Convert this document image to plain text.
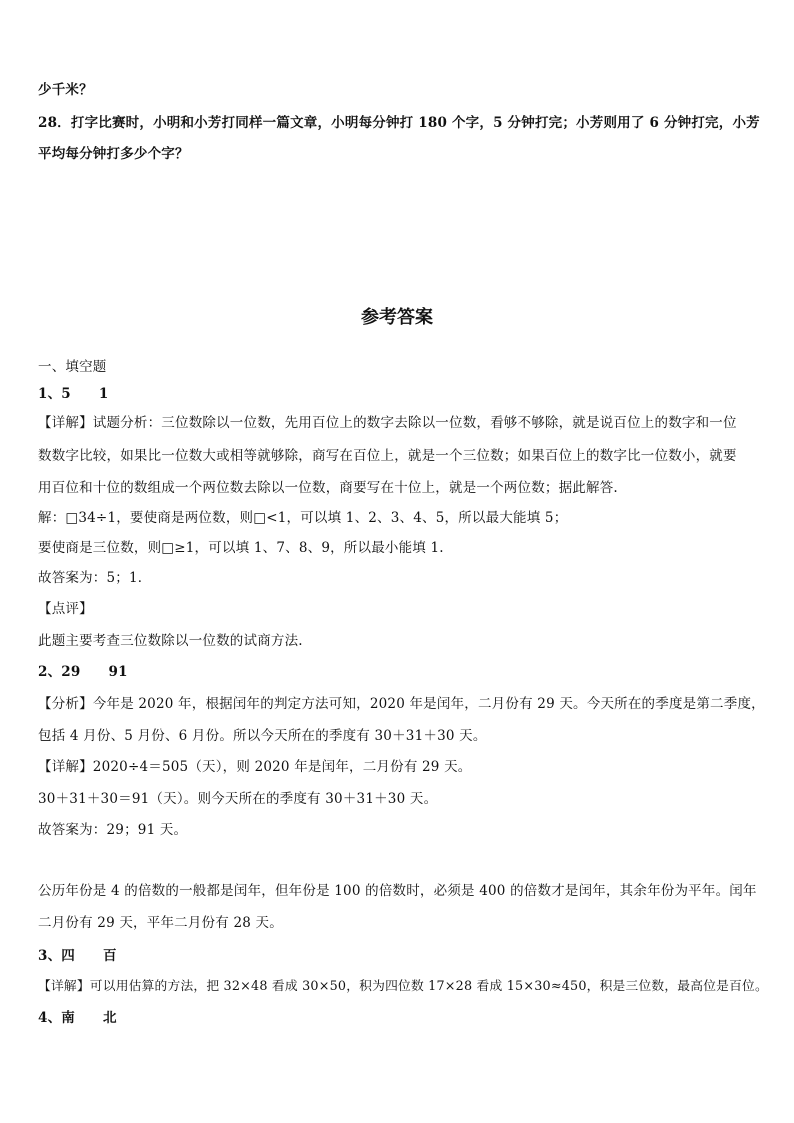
少千米？
28．打字比赛时，小明和小芳打同样一篇文章，小明每分钟打 180 个字，5 分钟打完；小芳则用了 6 分钟打完，小芳
平均每分钟打多少个字？
参考答案
一、填空题
1、5 1
【详解】试题分析：三位数除以一位数，先用百位上的数字去除以一位数，看够不够除，就是说百位上的数字和一位
数数字比较，如果比一位数大或相等就够除，商写在百位上，就是一个三位数；如果百位上的数字比一位数小，就要
用百位和十位的数组成一个两位数去除以一位数，商要写在十位上，就是一个两位数；据此解答.
解：□34÷1，要使商是两位数，则□<1，可以填 1、2、3、4、5，所以最大能填 5；
要使商是三位数，则□≥1，可以填 1、7、8、9，所以最小能填 1.
故答案为：5；1．
【点评】
此题主要考查三位数除以一位数的试商方法.
2、29 91
【分析】今年是 2020 年，根据闰年的判定方法可知，2020 年是闰年，二月份有 29 天。今天所在的季度是第二季度，
包括 4 月份、5 月份、6 月份。所以今天所在的季度有 30＋31＋30 天。
【详解】2020÷4＝505（天），则 2020 年是闰年，二月份有 29 天。
30＋31＋30＝91（天）。则今天所在的季度有 30＋31＋30 天。
故答案为：29；91 天。
公历年份是 4 的倍数的一般都是闰年，但年份是 100 的倍数时，必须是 400 的倍数才是闰年，其余年份为平年。闰年
二月份有 29 天，平年二月份有 28 天。
3、四 百
【详解】可以用估算的方法，把 32×48 看成 30×50，积为四位数 17×28 看成 15×30≈450，积是三位数，最高位是百位。
4、南 北
